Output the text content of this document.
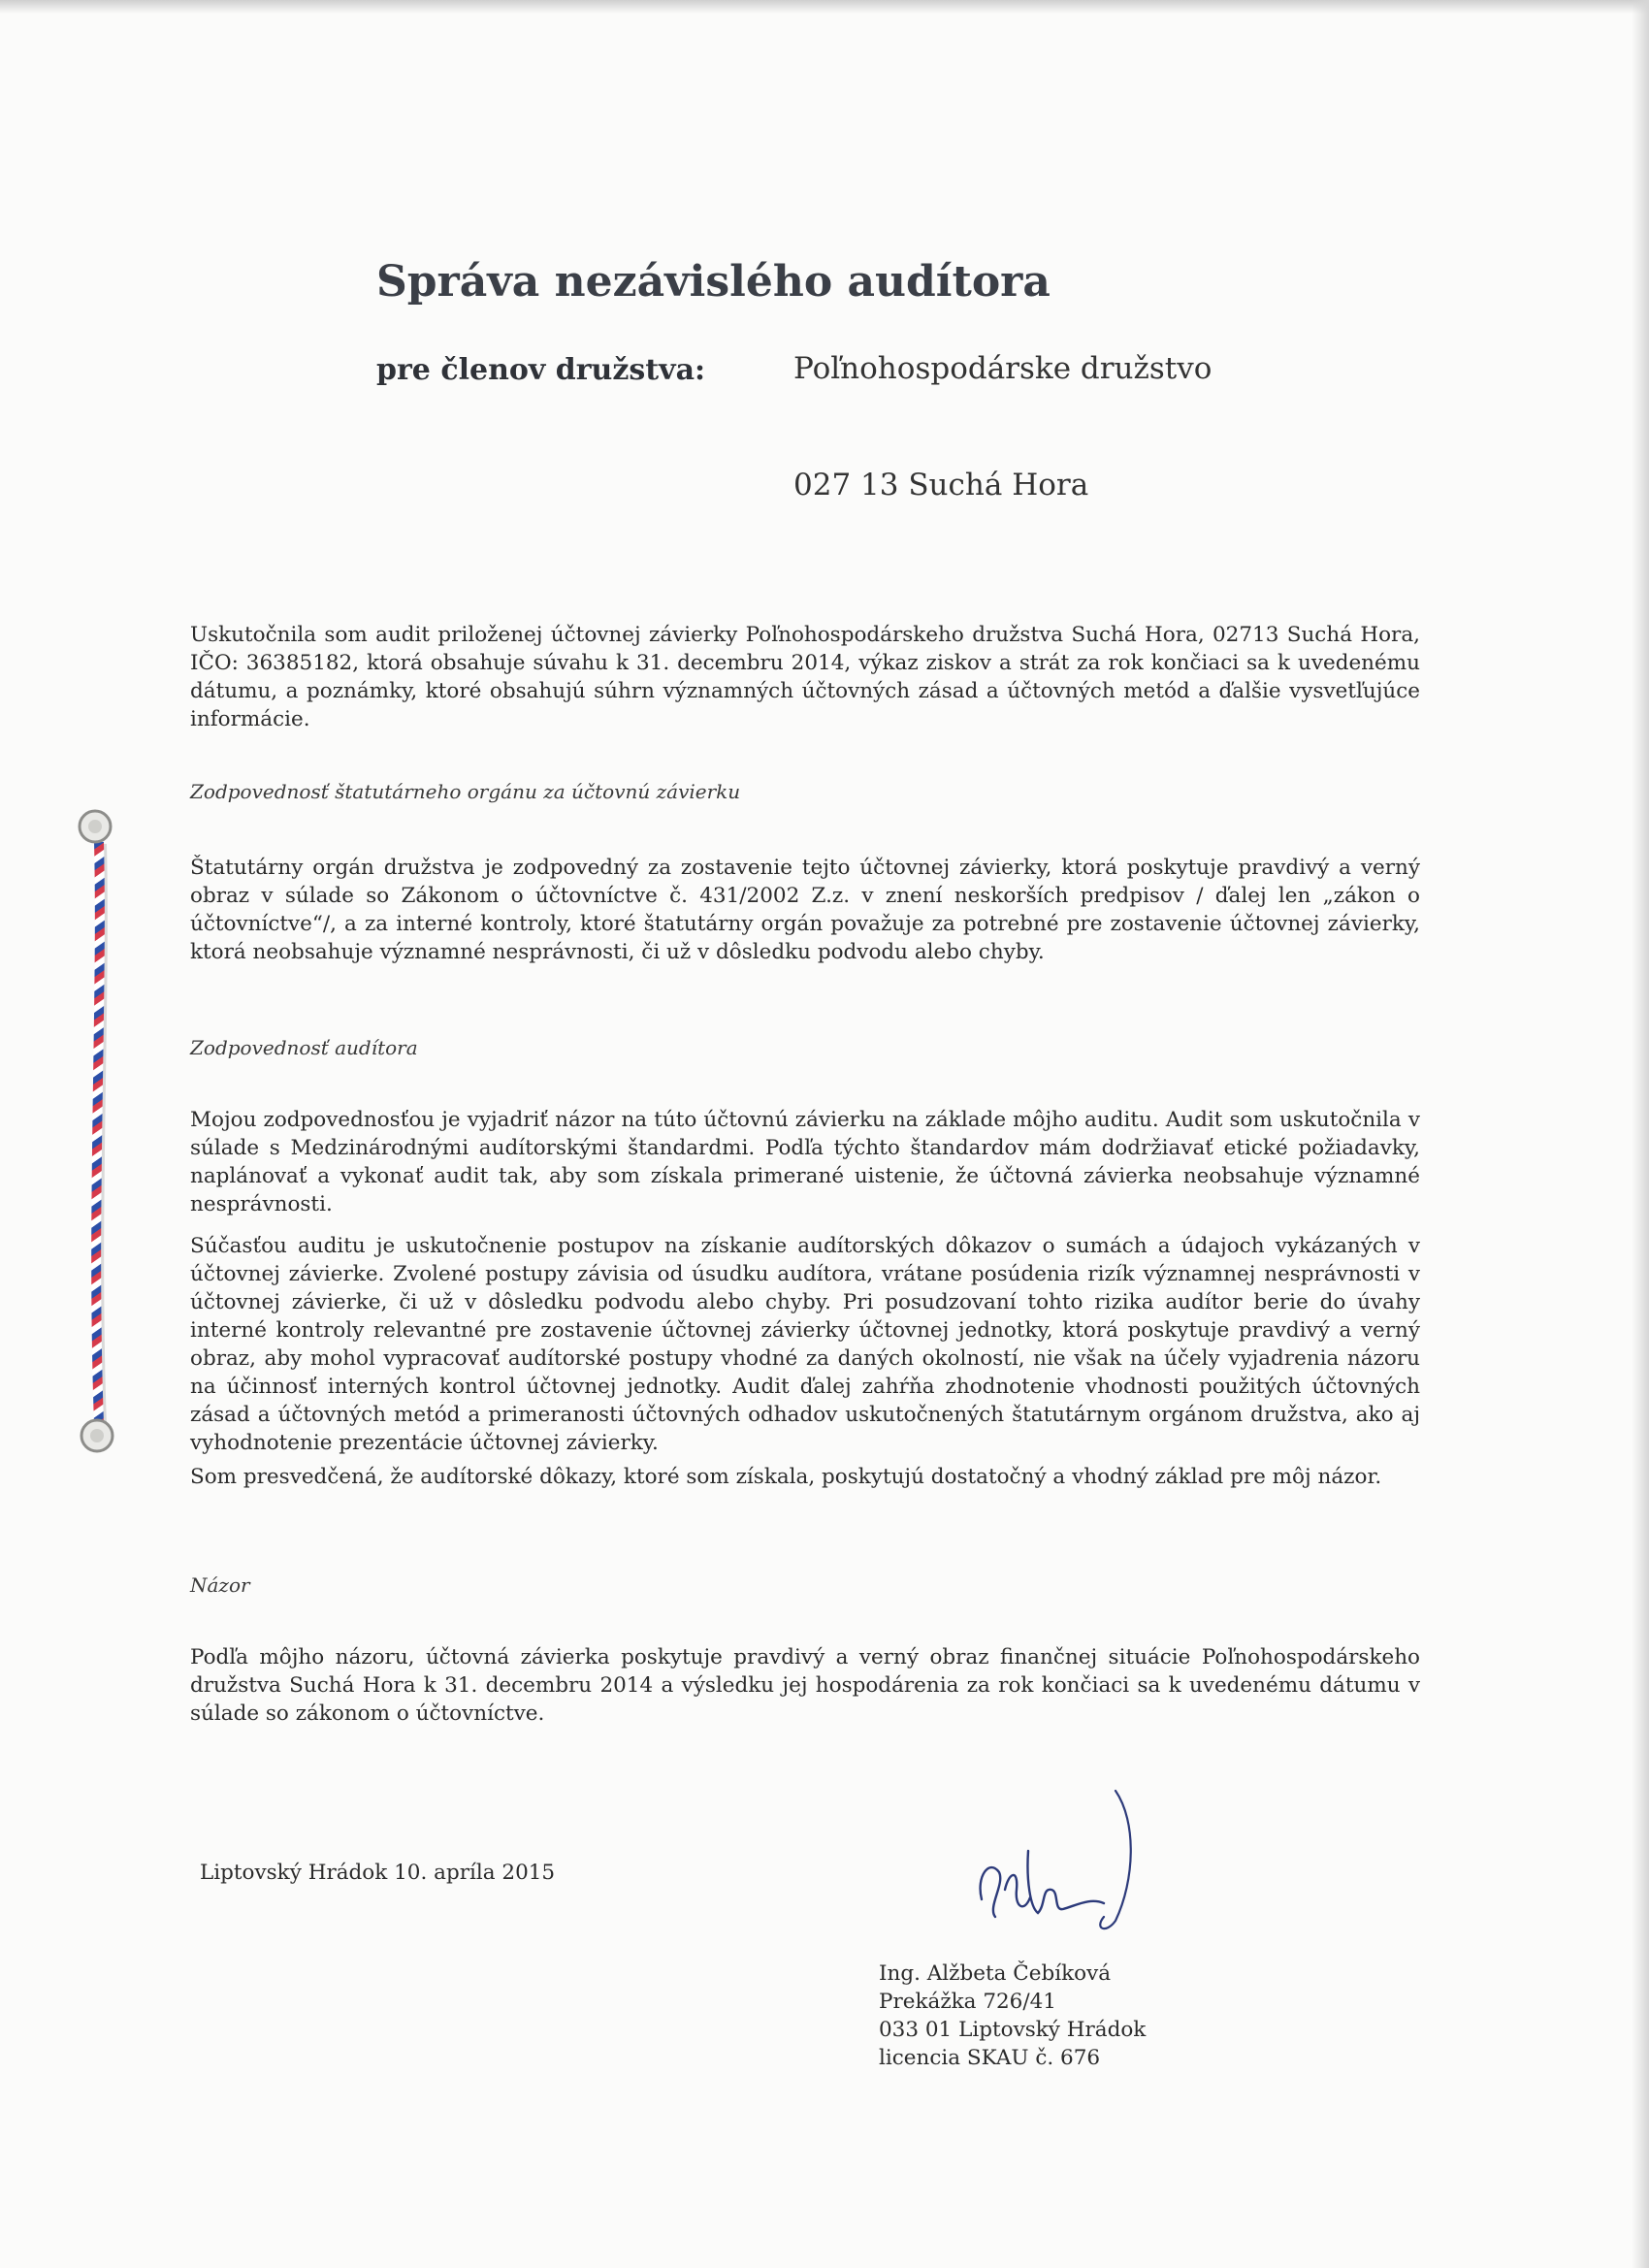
Správa nezávislého audítora
pre členov družstva:	Poľnohospodárske družstvo
027 13 Suchá Hora

Uskutočnila som audit priloženej účtovnej závierky Poľnohospodárskeho družstva Suchá Hora, 02713 Suchá Hora, IČO: 36385182, ktorá obsahuje súvahu k 31. decembru 2014, výkaz ziskov a strát za rok končiaci sa k uvedenému dátumu, a poznámky, ktoré obsahujú súhrn významných účtovných zásad a účtovných metód a ďalšie vysvetľujúce informácie.

Zodpovednosť štatutárneho orgánu za účtovnú závierku

Štatutárny orgán družstva je zodpovedný za zostavenie tejto účtovnej závierky, ktorá poskytuje pravdivý a verný obraz v súlade so Zákonom o účtovníctve č. 431/2002 Z.z. v znení neskorších predpisov / ďalej len „zákon o účtovníctve“/, a za interné kontroly, ktoré štatutárny orgán považuje za potrebné pre zostavenie účtovnej závierky, ktorá neobsahuje významné nesprávnosti, či už v dôsledku podvodu alebo chyby.

Zodpovednosť audítora

Mojou zodpovednosťou je vyjadriť názor na túto účtovnú závierku na základe môjho auditu. Audit som uskutočnila v súlade s Medzinárodnými audítorskými štandardmi. Podľa týchto štandardov mám dodržiavať etické požiadavky, naplánovať a vykonať audit tak, aby som získala primerané uistenie, že účtovná závierka neobsahuje významné nesprávnosti.

Súčasťou auditu je uskutočnenie postupov na získanie audítorských dôkazov o sumách a údajoch vykázaných v účtovnej závierke. Zvolené postupy závisia od úsudku audítora, vrátane posúdenia rizík významnej nesprávnosti v účtovnej závierke, či už v dôsledku podvodu alebo chyby. Pri posudzovaní tohto rizika audítor berie do úvahy interné kontroly relevantné pre zostavenie účtovnej závierky účtovnej jednotky, ktorá poskytuje pravdivý a verný obraz, aby mohol vypracovať audítorské postupy vhodné za daných okolností, nie však na účely vyjadrenia názoru na účinnosť interných kontrol účtovnej jednotky. Audit ďalej zahŕňa zhodnotenie vhodnosti použitých účtovných zásad a účtovných metód a primeranosti účtovných odhadov uskutočnených štatutárnym orgánom družstva, ako aj vyhodnotenie prezentácie účtovnej závierky.

Som presvedčená, že audítorské dôkazy, ktoré som získala, poskytujú dostatočný a vhodný základ pre môj názor.

Názor

Podľa môjho názoru, účtovná závierka poskytuje pravdivý a verný obraz finančnej situácie Poľnohospodárskeho družstva Suchá Hora k 31. decembru 2014 a výsledku jej hospodárenia za rok končiaci sa k uvedenému dátumu v súlade so zákonom o účtovníctve.

Liptovský Hrádok 10. apríla 2015
Ing. Alžbeta Čebíková
Prekážka 726/41
033 01 Liptovský Hrádok
licencia SKAU č. 676
